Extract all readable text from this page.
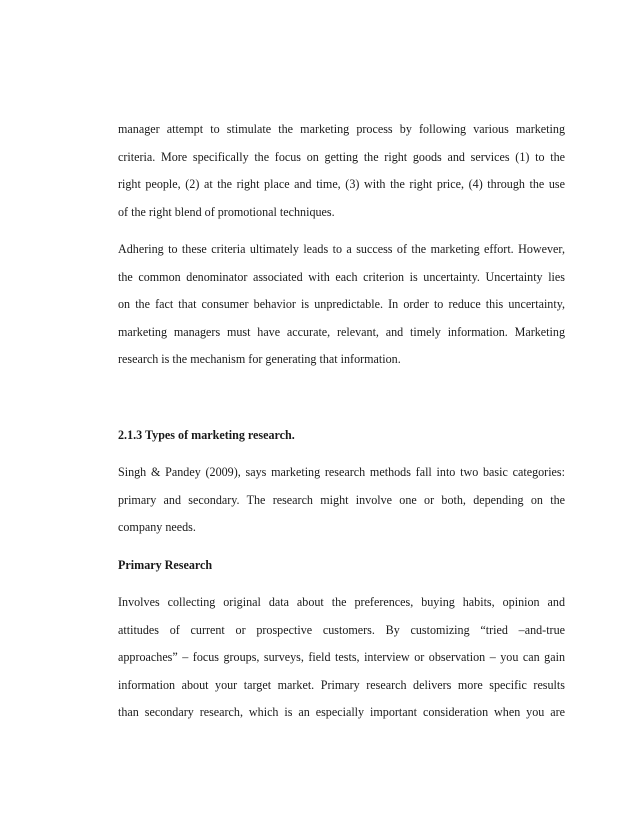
manager attempt to stimulate the marketing process by following various marketing
criteria. More specifically the focus on getting the right goods and services (1) to the
right people, (2) at the right place and time, (3) with the right price, (4) through the use
of the right blend of promotional techniques.
Adhering to these criteria ultimately leads to a success of the marketing effort. However,
the common denominator associated with each criterion is uncertainty. Uncertainty lies
on the fact that consumer behavior is unpredictable. In order to reduce this uncertainty,
marketing managers must have accurate, relevant, and timely information. Marketing
research is the mechanism for generating that information.
2.1.3 Types of marketing research.
Singh & Pandey (2009), says marketing research methods fall into two basic categories:
primary and secondary. The research might involve one or both, depending on the
company needs.
Primary Research
Involves collecting original data about the preferences, buying habits, opinion and
attitudes of current or prospective customers. By customizing “tried –and-true
approaches” – focus groups, surveys, field tests, interview or observation – you can gain
information about your target market. Primary research delivers more specific results
than secondary research, which is an especially important consideration when you are
